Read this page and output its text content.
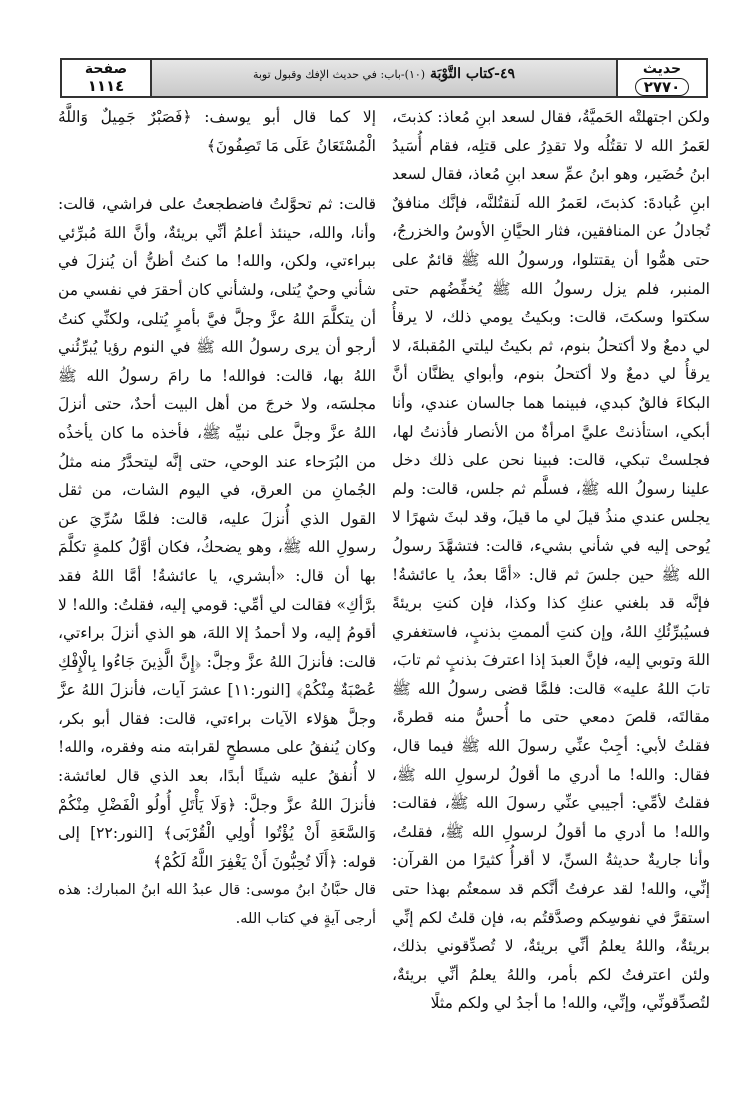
حديث
٢٧٧٠
٤٩-كتاب التَّوْبَة (١٠)-باب: في حديث الإفك وقبول توبة
صفحة
١١١٤

ولكن اجتهلتْه الحَميَّةُ، فقال لسعد ابنِ مُعاذ: كذبتَ، لعَمرُ الله لا تقتُلُه ولا تقدِرُ على قتلِه، فقام أُسَيدُ ابنُ حُضَير، وهو ابنُ عمِّ سعد ابنِ مُعاذ، فقال لسعد ابنِ عُبادةَ: كذبتَ، لعَمرُ الله لَنقتُلنَّه، فإنَّك منافقٌ تُجادلُ عن المنافقين، فثار الحيَّانِ الأوسُ والخزرجُ، حتى همُّوا أن يقتتلوا، ورسولُ الله ﷺ قائمٌ على المنبر، فلم يزل رسولُ الله ﷺ يُخفِّضُهم حتى سكتوا وسكتَ، قالت: وبكيتُ يومي ذلك، لا يرقأُ لي دمعٌ ولا أكتحلُ بنوم، ثم بكيتُ ليلتي المُقبلةَ، لا يرقأُ لي دمعٌ ولا أكتحلُ بنوم، وأبواي يظنَّان أنَّ البكاءَ فالقٌ كبدي، فبينما هما جالسان عندي، وأنا أبكي، استأذنتْ عليَّ امرأةٌ من الأنصار فأذنتُ لها، فجلستْ تبكي، قالت: فبينا نحن على ذلك دخل علينا رسولُ الله ﷺ، فسلَّم ثم جلس، قالت: ولم يجلس عندي منذُ قيلَ لي ما قيلَ، وقد لبثَ شهرًا لا يُوحى إليه في شأني بشيء، قالت: فتشهَّدَ رسولُ الله ﷺ حين جلسَ ثم قال: «أمَّا بعدُ، يا عائشةُ! فإنَّه قد بلغني عنكِ كذا وكذا، فإن كنتِ بريئةً فسيُبرِّئُكِ اللهُ، وإن كنتِ ألممتِ بذنبٍ، فاستغفري اللهَ وتوبي إليه، فإنَّ العبدَ إذا اعترفَ بذنبٍ ثم تابَ، تابَ اللهُ عليه» قالت: فلمَّا قضى رسولُ الله ﷺ مقالتَه، قلصَ دمعي حتى ما أُحسُّ منه قطرةً، فقلتُ لأبي: أجِبْ عنِّي رسولَ الله ﷺ فيما قال، فقال: والله! ما أدري ما أقولُ لرسولِ الله ﷺ، فقلتُ لأمِّي: أجيبي عنِّي رسولَ الله ﷺ، فقالت: والله! ما أدري ما أقولُ لرسولِ الله ﷺ، فقلتُ، وأنا جاريةٌ حديثةُ السنِّ، لا أقرأُ كثيرًا من القرآن: إنِّي، والله! لقد عرفتُ أنَّكم قد سمعتُم بهذا حتى استقرَّ في نفوسِكم وصدَّقتُم به، فإن قلتُ لكم إنِّي بريئةٌ، واللهُ يعلمُ أنِّي بريئةٌ، لا تُصدِّقوني بذلك، ولئن اعترفتُ لكم بأمر، واللهُ يعلمُ أنِّي بريئةٌ، لتُصدِّقونِّي، وإنِّي، والله! ما أجدُ لي ولكم مثلًا

إلا كما قال أبو يوسف: ﴿فَصَبْرٌ جَمِيلٌ وَاللَّهُ الْمُسْتَعَانُ عَلَى مَا تَصِفُونَ﴾

قالت: ثم تحوَّلتُ فاضطجعتُ على فراشي، قالت: وأنا، والله، حينئذ أعلمُ أنِّي بريئةٌ، وأنَّ اللهَ مُبرِّئي ببراءتي، ولكن، والله! ما كنتُ أظنُّ أن يُنزلَ في شأني وحيٌ يُتلى، ولشأني كان أحقرَ في نفسي من أن يتكلَّمَ اللهُ عزَّ وجلَّ فيَّ بأمرٍ يُتلى، ولكنِّي كنتُ أرجو أن يرى رسولُ الله ﷺ في النوم رؤيا يُبرِّئُني اللهُ بها، قالت: فوالله! ما رامَ رسولُ الله ﷺ مجلسَه، ولا خرجَ من أهل البيت أحدٌ، حتى أنزلَ اللهُ عزَّ وجلَّ على نبيِّه ﷺ، فأخذه ما كان يأخذُه من البُرَحاء عند الوحي، حتى إنَّه ليتحدَّرُ منه مثلُ الجُمانِ من العرق، في اليوم الشات، من ثقل القول الذي أُنزلَ عليه، قالت: فلمَّا سُرِّيَ عن رسولِ الله ﷺ، وهو يضحكُ، فكان أوَّلُ كلمةٍ تكلَّمَ بها أن قال: «أبشري، يا عائشةُ! أمَّا اللهُ فقد برَّأكِ» فقالت لي أمِّي: قومي إليه، فقلتُ: والله! لا أقومُ إليه، ولا أحمدُ إلا اللهَ، هو الذي أنزلَ براءتي، قالت: فأنزلَ اللهُ عزَّ وجلَّ: ﴿إِنَّ الَّذِينَ جَاءُوا بِالْإِفْكِ عُصْبَةٌ مِنْكُمْ﴾ [النور:١١] عشرَ آيات، فأنزلَ اللهُ عزَّ وجلَّ هؤلاء الآيات براءتي، قالت: فقال أبو بكر، وكان يُنفقُ على مسطحٍ لقرابته منه وفقره، والله! لا أُنفقُ عليه شيئًا أبدًا، بعد الذي قال لعائشة: فأنزلَ اللهُ عزَّ وجلَّ: ﴿وَلَا يَأْتَلِ أُولُو الْفَضْلِ مِنْكُمْ وَالسَّعَةِ أَنْ يُؤْتُوا أُولِي الْقُرْبَى﴾ [النور:٢٢] إلى قوله: ﴿أَلَا تُحِبُّونَ أَنْ يَغْفِرَ اللَّهُ لَكُمْ﴾

قال حبَّانُ ابنُ موسى: قال عبدُ الله ابنُ المبارك: هذه أرجى آيةٍ في كتاب الله.
